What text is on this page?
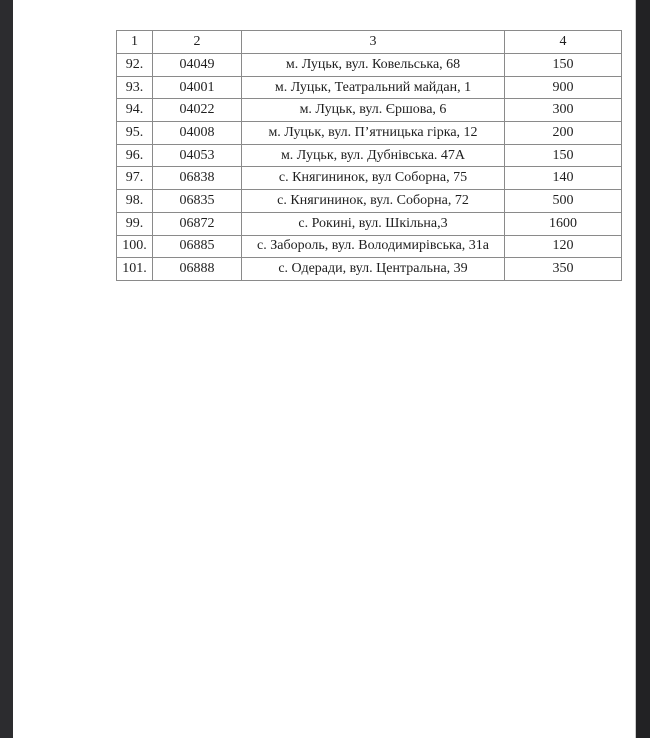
1	2	3	4
92.	04049	м. Луцьк, вул. Ковельська, 68	150
93.	04001	м. Луцьк, Театральний майдан, 1	900
94.	04022	м. Луцьк, вул. Єршова, 6	300
95.	04008	м. Луцьк, вул. П’ятницька гірка, 12	200
96.	04053	м. Луцьк, вул. Дубнівська. 47А	150
97.	06838	с. Княгининок, вул Соборна, 75	140
98.	06835	с. Княгининок, вул. Соборна, 72	500
99.	06872	с. Рокині, вул. Шкільна,3	1600
100.	06885	с. Забороль, вул. Володимирівська, 31а	120
101.	06888	с. Одеради, вул. Центральна, 39	350
